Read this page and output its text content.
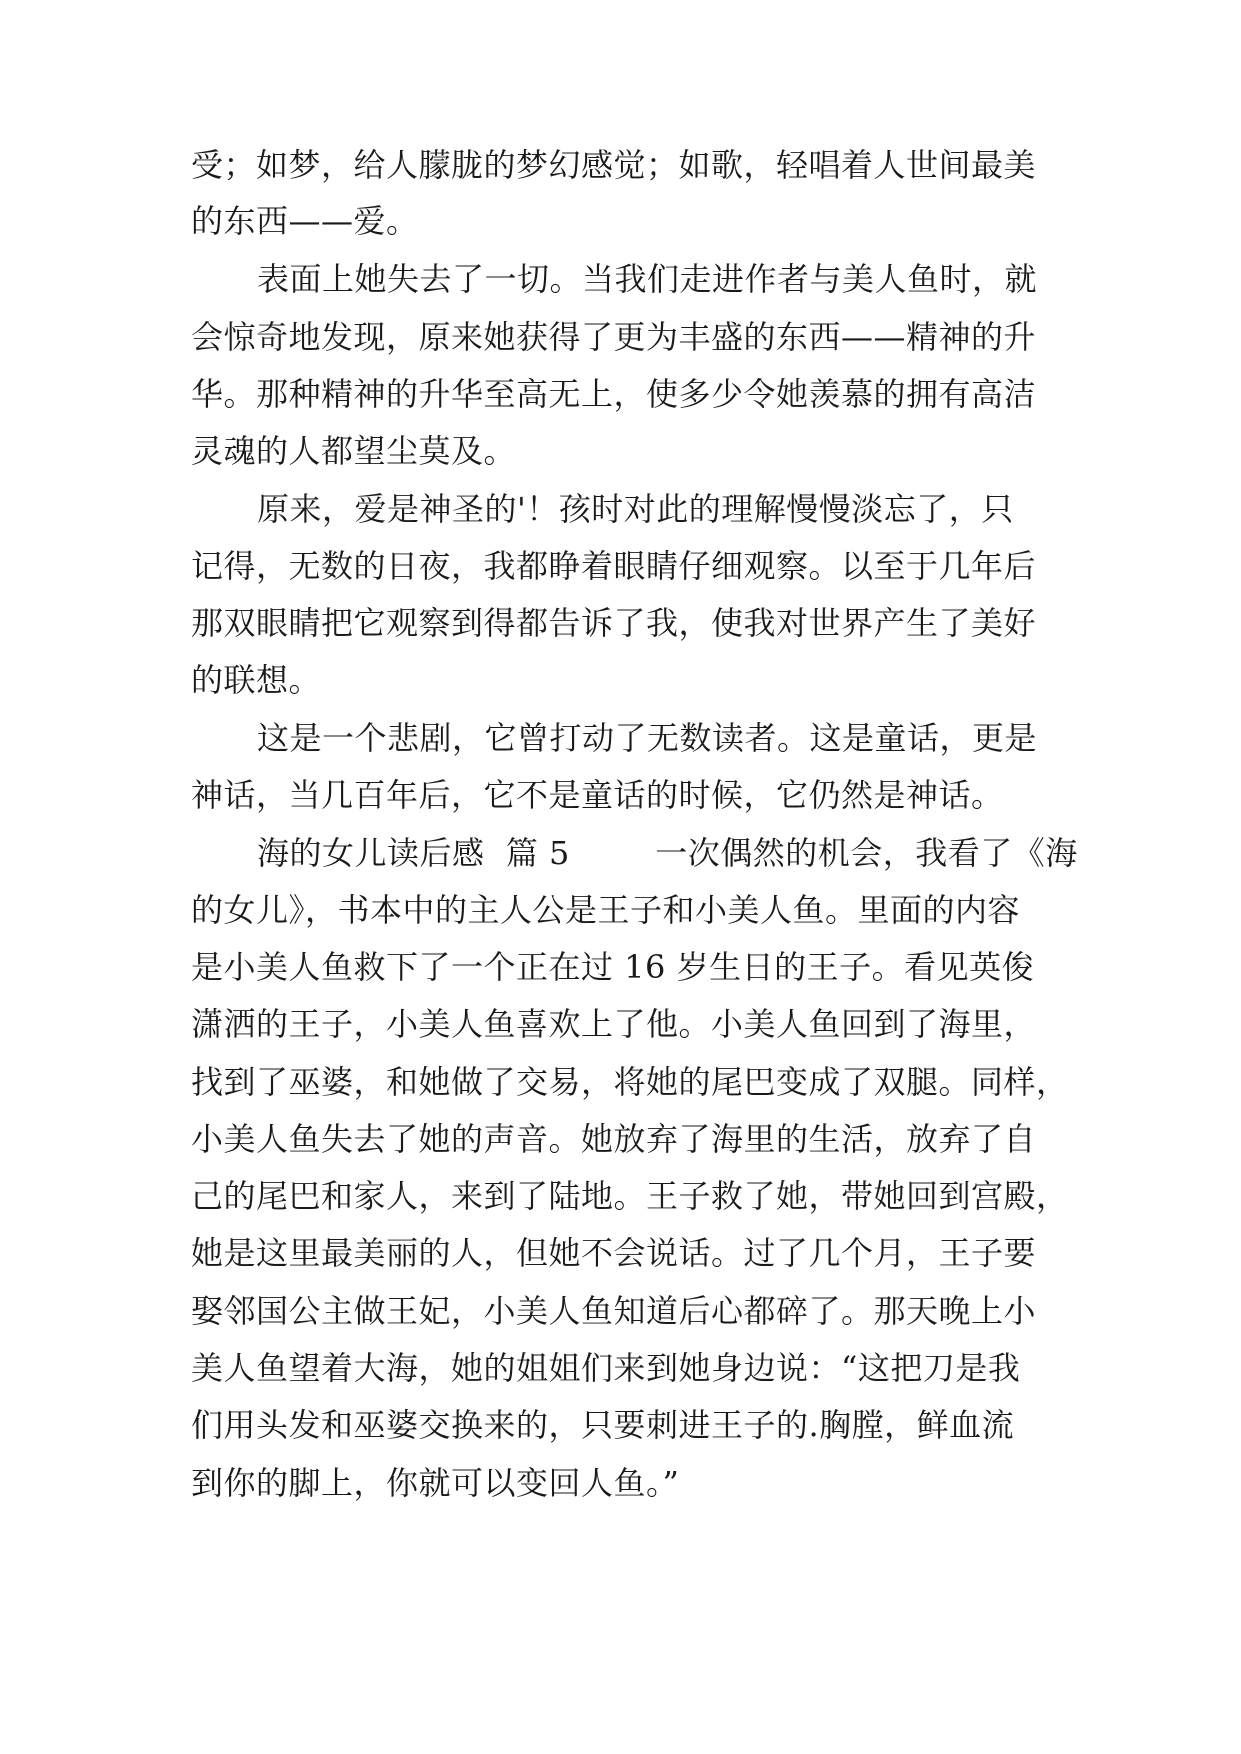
受；如梦，给人朦胧的梦幻感觉；如歌，轻唱着人世间最美
的东西——爱。
表面上她失去了一切。当我们走进作者与美人鱼时，就
会惊奇地发现，原来她获得了更为丰盛的东西——精神的升
华。那种精神的升华至高无上，使多少令她羡慕的拥有高洁
灵魂的人都望尘莫及。
原来，爱是神圣的'！孩时对此的理解慢慢淡忘了，只
记得，无数的日夜，我都睁着眼睛仔细观察。以至于几年后
那双眼睛把它观察到得都告诉了我，使我对世界产生了美好
的联想。
这是一个悲剧，它曾打动了无数读者。这是童话，更是
神话，当几百年后，它不是童话的时候，它仍然是神话。
海的女儿读后感  篇 5        一次偶然的机会，我看了《海
的女儿》，书本中的主人公是王子和小美人鱼。里面的内容
是小美人鱼救下了一个正在过 16 岁生日的王子。看见英俊
潇洒的王子，小美人鱼喜欢上了他。小美人鱼回到了海里，
找到了巫婆，和她做了交易，将她的尾巴变成了双腿。同样，
小美人鱼失去了她的声音。她放弃了海里的生活，放弃了自
己的尾巴和家人，来到了陆地。王子救了她，带她回到宫殿，
她是这里最美丽的人，但她不会说话。过了几个月，王子要
娶邻国公主做王妃，小美人鱼知道后心都碎了。那天晚上小
美人鱼望着大海，她的姐姐们来到她身边说：“这把刀是我
们用头发和巫婆交换来的，只要刺进王子的.胸膛，鲜血流
到你的脚上，你就可以变回人鱼。”
